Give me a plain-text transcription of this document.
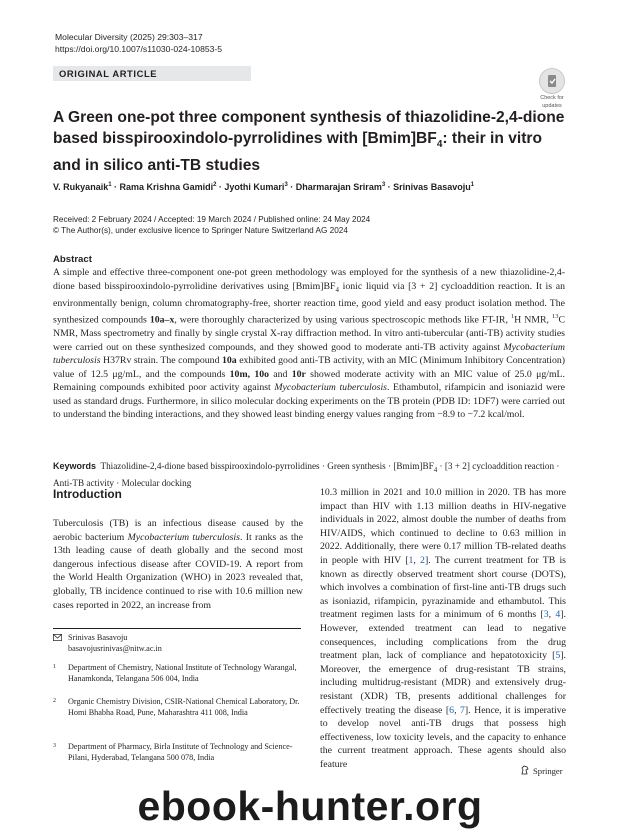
Molecular Diversity (2025) 29:303–317
https://doi.org/10.1007/s11030-024-10853-5
ORIGINAL ARTICLE
Check for
updates
A Green one-pot three component synthesis of thiazolidine-2,4-dione based bisspirooxindolo-pyrrolidines with $[Bmim]BF_4$: their in vitro and in silico anti-TB studies
V. Rukyanaik$^1$ · Rama Krishna Gamidi$^2$ · Jyothi Kumari$^3$ · Dharmarajan Sriram$^3$ · Srinivas Basavoju$^1$
Received: 2 February 2024 / Accepted: 19 March 2024 / Published online: 24 May 2024
© The Author(s), under exclusive licence to Springer Nature Switzerland AG 2024
Abstract
A simple and effective three-component one-pot green methodology was employed for the synthesis of a new thiazolidine-2,4-dione based bisspirooxindolo-pyrrolidine derivatives using $[Bmim]BF_4$ ionic liquid via [3 + 2] cycloaddition reaction. It is an environmentally benign, column chromatography-free, shorter reaction time, good yield and easy product isolation method. The synthesized compounds 10a–x, were thoroughly characterized by using various spectroscopic methods like FT-IR, $^1$H NMR, $^{13}$C NMR, Mass spectrometry and finally by single crystal X-ray diffraction method. In vitro anti-tubercular (anti-TB) activity studies were carried out on these synthesized compounds, and they showed good to moderate anti-TB activity against Mycobacterium tuberculosis H37Rv strain. The compound 10a exhibited good anti-TB activity, with an MIC (Minimum Inhibitory Concentration) value of 12.5 μg/mL, and the compounds 10m, 10o and 10r showed moderate activity with an MIC value of 25.0 μg/mL. Remaining compounds exhibited poor activity against Mycobacterium tuberculosis. Ethambutol, rifampicin and isoniazid were used as standard drugs. Furthermore, in silico molecular docking experiments on the TB protein (PDB ID: 1DF7) were carried out to understand the binding interactions, and they showed least binding energy values ranging from −8.9 to −7.2 kcal/mol.
Keywords Thiazolidine-2,4-dione based bisspirooxindolo-pyrrolidines · Green synthesis · $[Bmim]BF_4 \cdot [3 + 2]$ cycloaddition reaction · Anti-TB activity · Molecular docking
Introduction

Tuberculosis (TB) is an infectious disease caused by the aerobic bacterium Mycobacterium tuberculosis. It ranks as the 13th leading cause of death globally and the second most dangerous infectious disease after COVID-19. A report from the World Health Organization (WHO) in 2023 revealed that, globally, TB incidence continued to rise with 10.6 million new cases reported in 2022, an increase from

10.3 million in 2021 and 10.0 million in 2020. TB has more impact than HIV with 1.13 million deaths in HIV-negative individuals in 2022, almost double the number of deaths from HIV/AIDS, which continued to decline to 0.63 million in 2022. Additionally, there were 0.17 million TB-related deaths in people with HIV [1, 2]. The current treatment for TB is known as directly observed treatment short course (DOTS), which involves a combination of first-line anti-TB drugs such as isoniazid, rifampicin, pyrazinamide and ethambutol. This treatment regimen lasts for a minimum of 6 months [3, 4]. However, extended treatment can lead to negative consequences, including complications from the drug treatment plan, lack of compliance and hepatotoxicity [5]. Moreover, the emergence of drug-resistant TB strains, including multidrug-resistant (MDR) and extensively drug-resistant (XDR) TB, presents additional challenges for effectively treating the disease [6, 7]. Hence, it is imperative to develop novel anti-TB drugs that possess high effectiveness, low toxicity levels, and the capacity to enhance the current treatment approach. These agents should also feature

Srinivas Basavoju
basavojusrinivas@nitw.ac.in
1 Department of Chemistry, National Institute of Technology Warangal, Hanamkonda, Telangana 506 004, India
2 Organic Chemistry Division, CSIR-National Chemical Laboratory, Dr. Homi Bhabha Road, Pune, Maharashtra 411 008, India
3 Department of Pharmacy, Birla Institute of Technology and Science-Pilani, Hyderabad, Telangana 500 078, India
Springer
ebook-hunter.org
